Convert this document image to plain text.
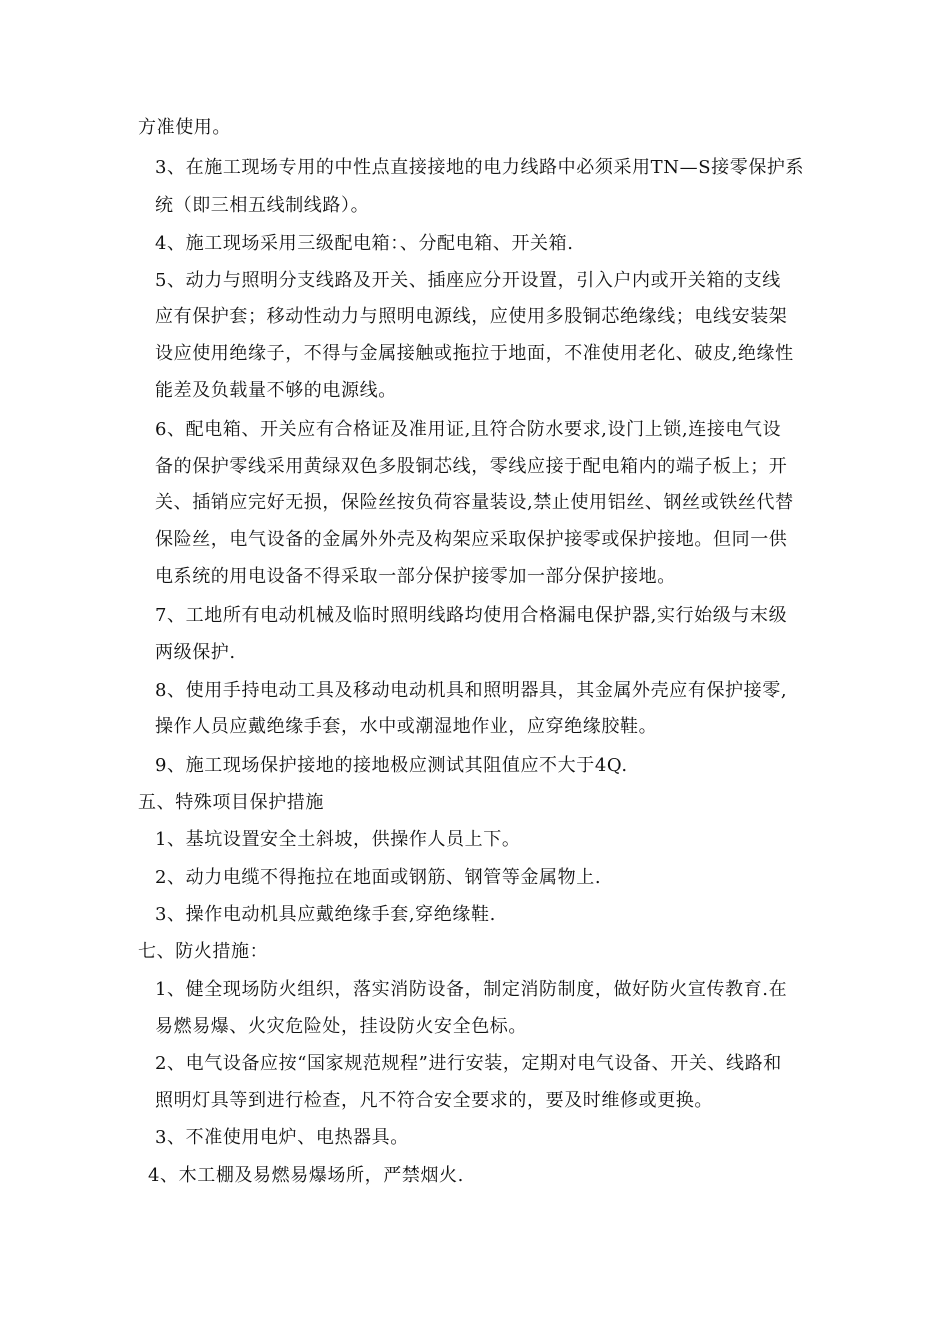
方准使用。
3、在施工现场专用的中性点直接接地的电力线路中必须采用TN—S接零保护系
统（即三相五线制线路）。
4、施工现场采用三级配电箱：、分配电箱、开关箱.
5、动力与照明分支线路及开关、插座应分开设置，引入户内或开关箱的支线
应有保护套；移动性动力与照明电源线，应使用多股铜芯绝缘线；电线安装架
设应使用绝缘子，不得与金属接触或拖拉于地面，不准使用老化、破皮,绝缘性
能差及负载量不够的电源线。
6、配电箱、开关应有合格证及准用证,且符合防水要求,设门上锁,连接电气设
备的保护零线采用黄绿双色多股铜芯线，零线应接于配电箱内的端子板上；开
关、插销应完好无损，保险丝按负荷容量装设,禁止使用铝丝、钢丝或铁丝代替
保险丝，电气设备的金属外外壳及构架应采取保护接零或保护接地。但同一供
电系统的用电设备不得采取一部分保护接零加一部分保护接地。
7、工地所有电动机械及临时照明线路均使用合格漏电保护器,实行始级与末级
两级保护.
8、使用手持电动工具及移动电动机具和照明器具，其金属外壳应有保护接零,
操作人员应戴绝缘手套，水中或潮湿地作业，应穿绝缘胶鞋。
9、施工现场保护接地的接地极应测试其阻值应不大于4Q.
五、特殊项目保护措施
1、基坑设置安全土斜坡，供操作人员上下。
2、动力电缆不得拖拉在地面或钢筋、钢管等金属物上.
3、操作电动机具应戴绝缘手套,穿绝缘鞋.
七、防火措施：
1、健全现场防火组织，落实消防设备，制定消防制度，做好防火宣传教育.在
易燃易爆、火灾危险处，挂设防火安全色标。
2、电气设备应按“国家规范规程”进行安装，定期对电气设备、开关、线路和
照明灯具等到进行检查，凡不符合安全要求的，要及时维修或更换。
3、不准使用电炉、电热器具。
4、木工棚及易燃易爆场所，严禁烟火.
